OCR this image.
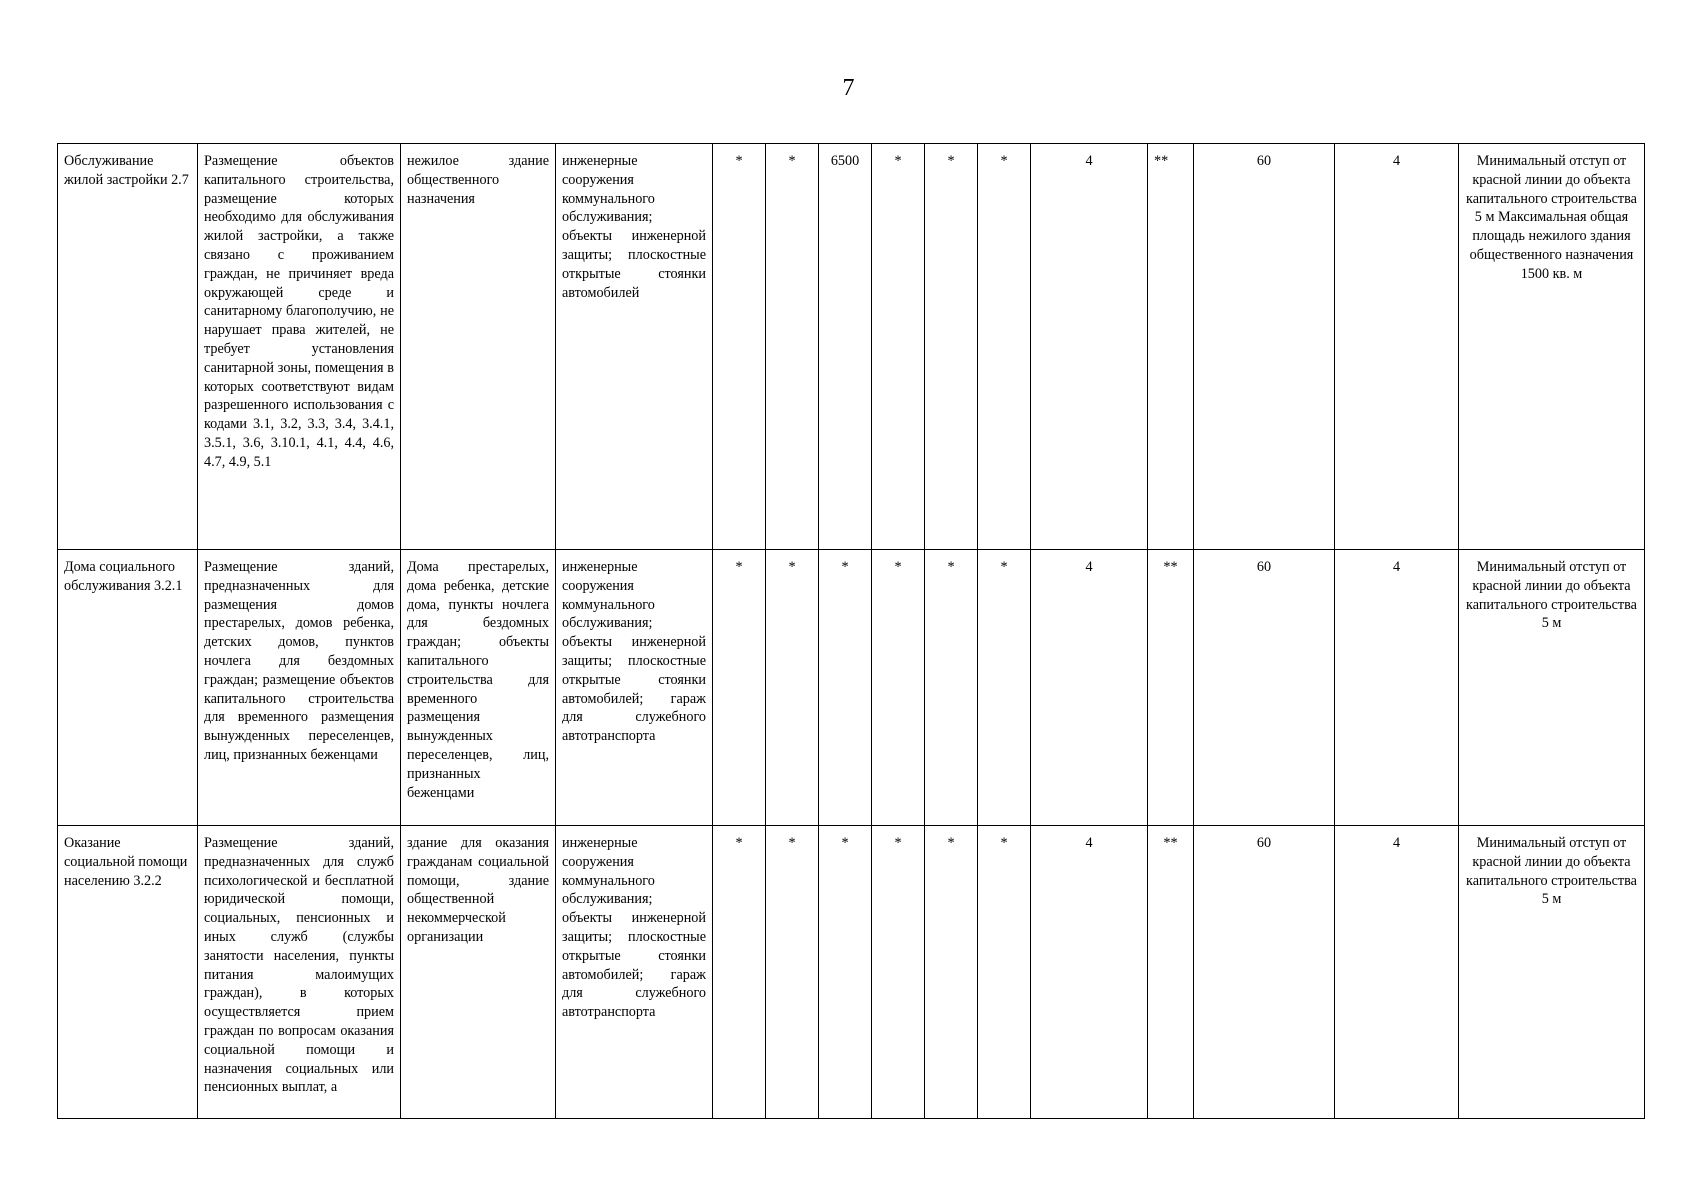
7
Обслуживание жилой застройки 2.7	Размещение объектов капитального строительства, размещение которых необходимо для обслуживания жилой застройки, а также связано с проживанием граждан, не причиняет вреда окружающей среде и санитарному благополучию, не нарушает права жителей, не требует установления санитарной зоны, помещения в которых соответствуют видам разрешенного использования с кодами 3.1, 3.2, 3.3, 3.4, 3.4.1, 3.5.1, 3.6, 3.10.1, 4.1, 4.4, 4.6, 4.7, 4.9, 5.1	нежилое здание общественного назначения	инженерные сооружения коммунального обслуживания; объекты инженерной защиты; плоскостные открытые стоянки автомобилей	*	*	6500	*	*	*	4	**	60	4	Минимальный отступ от красной линии до объекта капитального строительства 5 м Максимальная общая площадь нежилого здания общественного назначения 1500 кв. м
Дома социального обслуживания 3.2.1	Размещение зданий, предназначенных для размещения домов престарелых, домов ребенка, детских домов, пунктов ночлега для бездомных граждан; размещение объектов капитального строительства для временного размещения вынужденных переселенцев, лиц, признанных беженцами	Дома престарелых, дома ребенка, детские дома, пункты ночлега для бездомных граждан; объекты капитального строительства для временного размещения вынужденных переселенцев, лиц, признанных беженцами	инженерные сооружения коммунального обслуживания; объекты инженерной защиты; плоскостные открытые стоянки автомобилей; гараж для служебного автотранспорта	*	*	*	*	*	*	4	**	60	4	Минимальный отступ от красной линии до объекта капитального строительства 5 м
Оказание социальной помощи населению 3.2.2	Размещение зданий, предназначенных для служб психологической и бесплатной юридической помощи, социальных, пенсионных и иных служб (службы занятости населения, пункты питания малоимущих граждан), в которых осуществляется прием граждан по вопросам оказания социальной помощи и назначения социальных или пенсионных выплат, а	здание для оказания гражданам социальной помощи, здание общественной некоммерческой организации	инженерные сооружения коммунального обслуживания; объекты инженерной защиты; плоскостные открытые стоянки автомобилей; гараж для служебного автотранспорта	*	*	*	*	*	*	4	**	60	4	Минимальный отступ от красной линии до объекта капитального строительства 5 м
